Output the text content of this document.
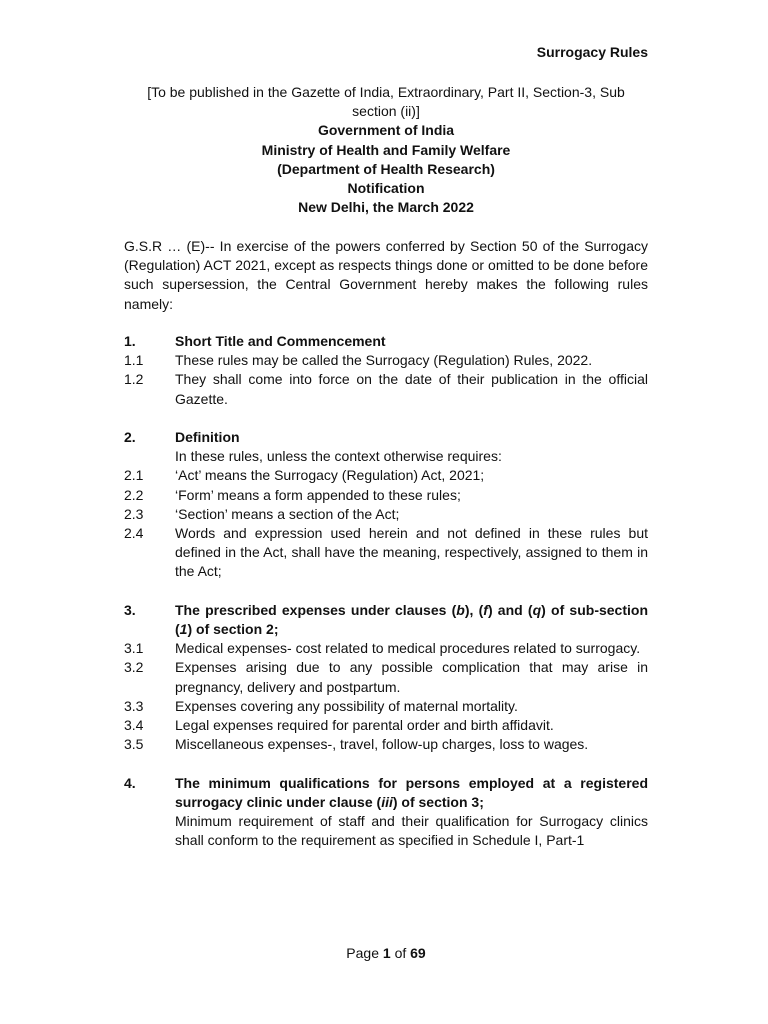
Surrogacy Rules
[To be published in the Gazette of India, Extraordinary, Part II, Section-3, Sub
section (ii)]
Government of India
Ministry of Health and Family Welfare
(Department of Health Research)
Notification
New Delhi, the March 2022
G.S.R … (E)-- In exercise of the powers conferred by Section 50 of the Surrogacy (Regulation) ACT 2021, except as respects things done or omitted to be done before such supersession, the Central Government hereby makes the following rules namely:
1.	Short Title and Commencement
1.1	These rules may be called the Surrogacy (Regulation) Rules, 2022.
1.2	They shall come into force on the date of their publication in the official Gazette.
2.	Definition
In these rules, unless the context otherwise requires:
2.1	‘Act’ means the Surrogacy (Regulation) Act, 2021;
2.2	‘Form’ means a form appended to these rules;
2.3	‘Section’ means a section of the Act;
2.4	Words and expression used herein and not defined in these rules but defined in the Act, shall have the meaning, respectively, assigned to them in the Act;
3.	The prescribed expenses under clauses (b), (f) and (q) of sub-section (1) of section 2;
3.1	Medical expenses- cost related to medical procedures related to surrogacy.
3.2	Expenses arising due to any possible complication that may arise in pregnancy, delivery and postpartum.
3.3	Expenses covering any possibility of maternal mortality.
3.4	Legal expenses required for parental order and birth affidavit.
3.5	Miscellaneous expenses-, travel, follow-up charges, loss to wages.
4.	The minimum qualifications for persons employed at a registered surrogacy clinic under clause (iii) of section 3;
Minimum requirement of staff and their qualification for Surrogacy clinics shall conform to the requirement as specified in Schedule I, Part-1
Page 1 of 69
